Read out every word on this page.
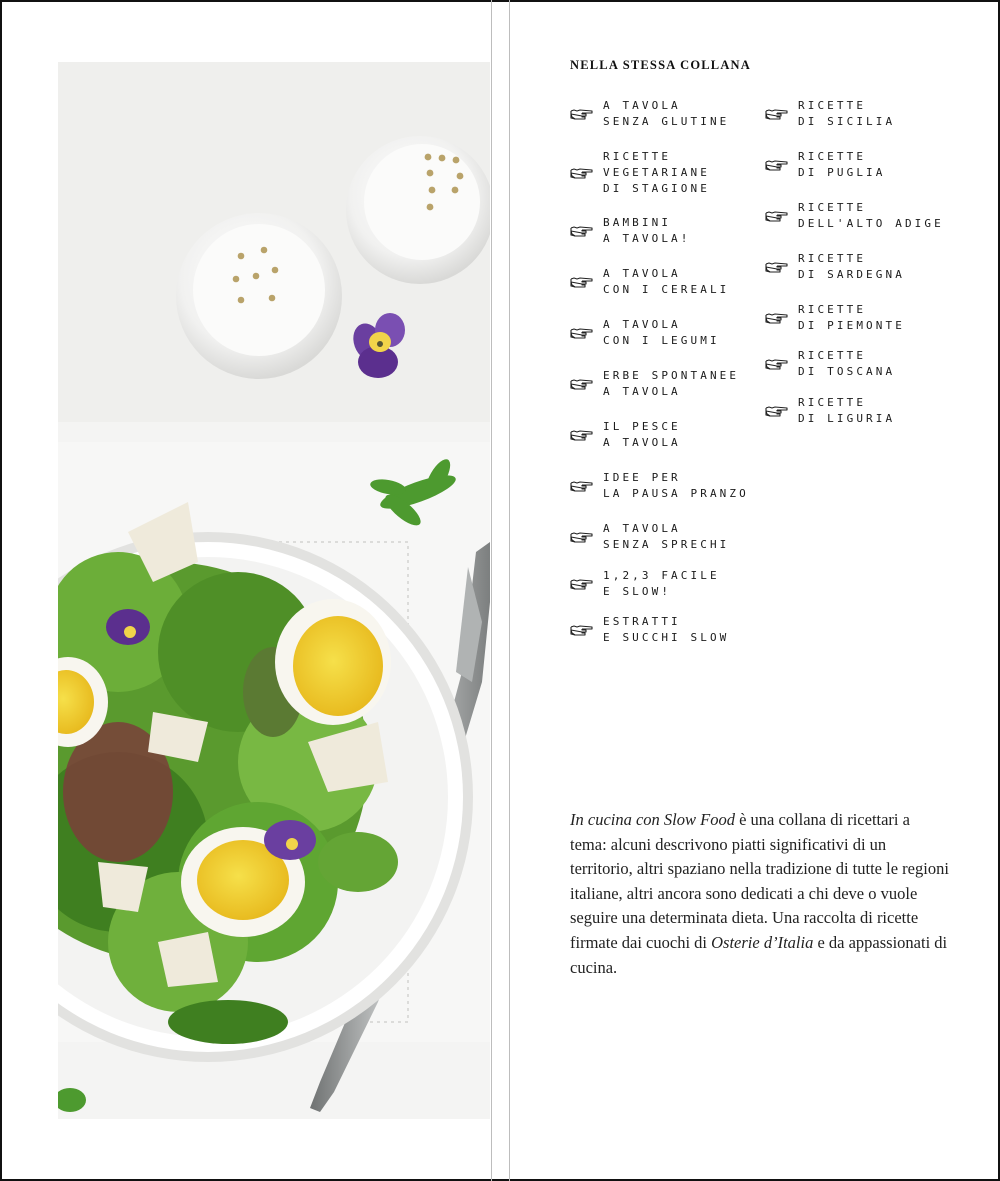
NELLA STESSA COLLANA
A TAVOLA
SENZA GLUTINE
RICETTE
VEGETARIANE
DI STAGIONE
BAMBINI
A TAVOLA!
A TAVOLA
CON I CEREALI
A TAVOLA
CON I LEGUMI
ERBE SPONTANEE
A TAVOLA
IL PESCE
A TAVOLA
IDEE PER
LA PAUSA PRANZO
A TAVOLA
SENZA SPRECHI
1,2,3 FACILE
E SLOW!
ESTRATTI
E SUCCHI SLOW
RICETTE
DI SICILIA
RICETTE
DI PUGLIA
RICETTE
DELL'ALTO ADIGE
RICETTE
DI SARDEGNA
RICETTE
DI PIEMONTE
RICETTE
DI TOSCANA
RICETTE
DI LIGURIA

In cucina con Slow Food è una collana di ricettari a tema: alcuni descrivono piatti significativi di un territorio, altri spaziano nella tradizione di tutte le regioni italiane, altri ancora sono dedicati a chi deve o vuole seguire una determinata dieta. Una raccolta di ricette firmate dai cuochi di Osterie d’Italia e da appassionati di cucina.
